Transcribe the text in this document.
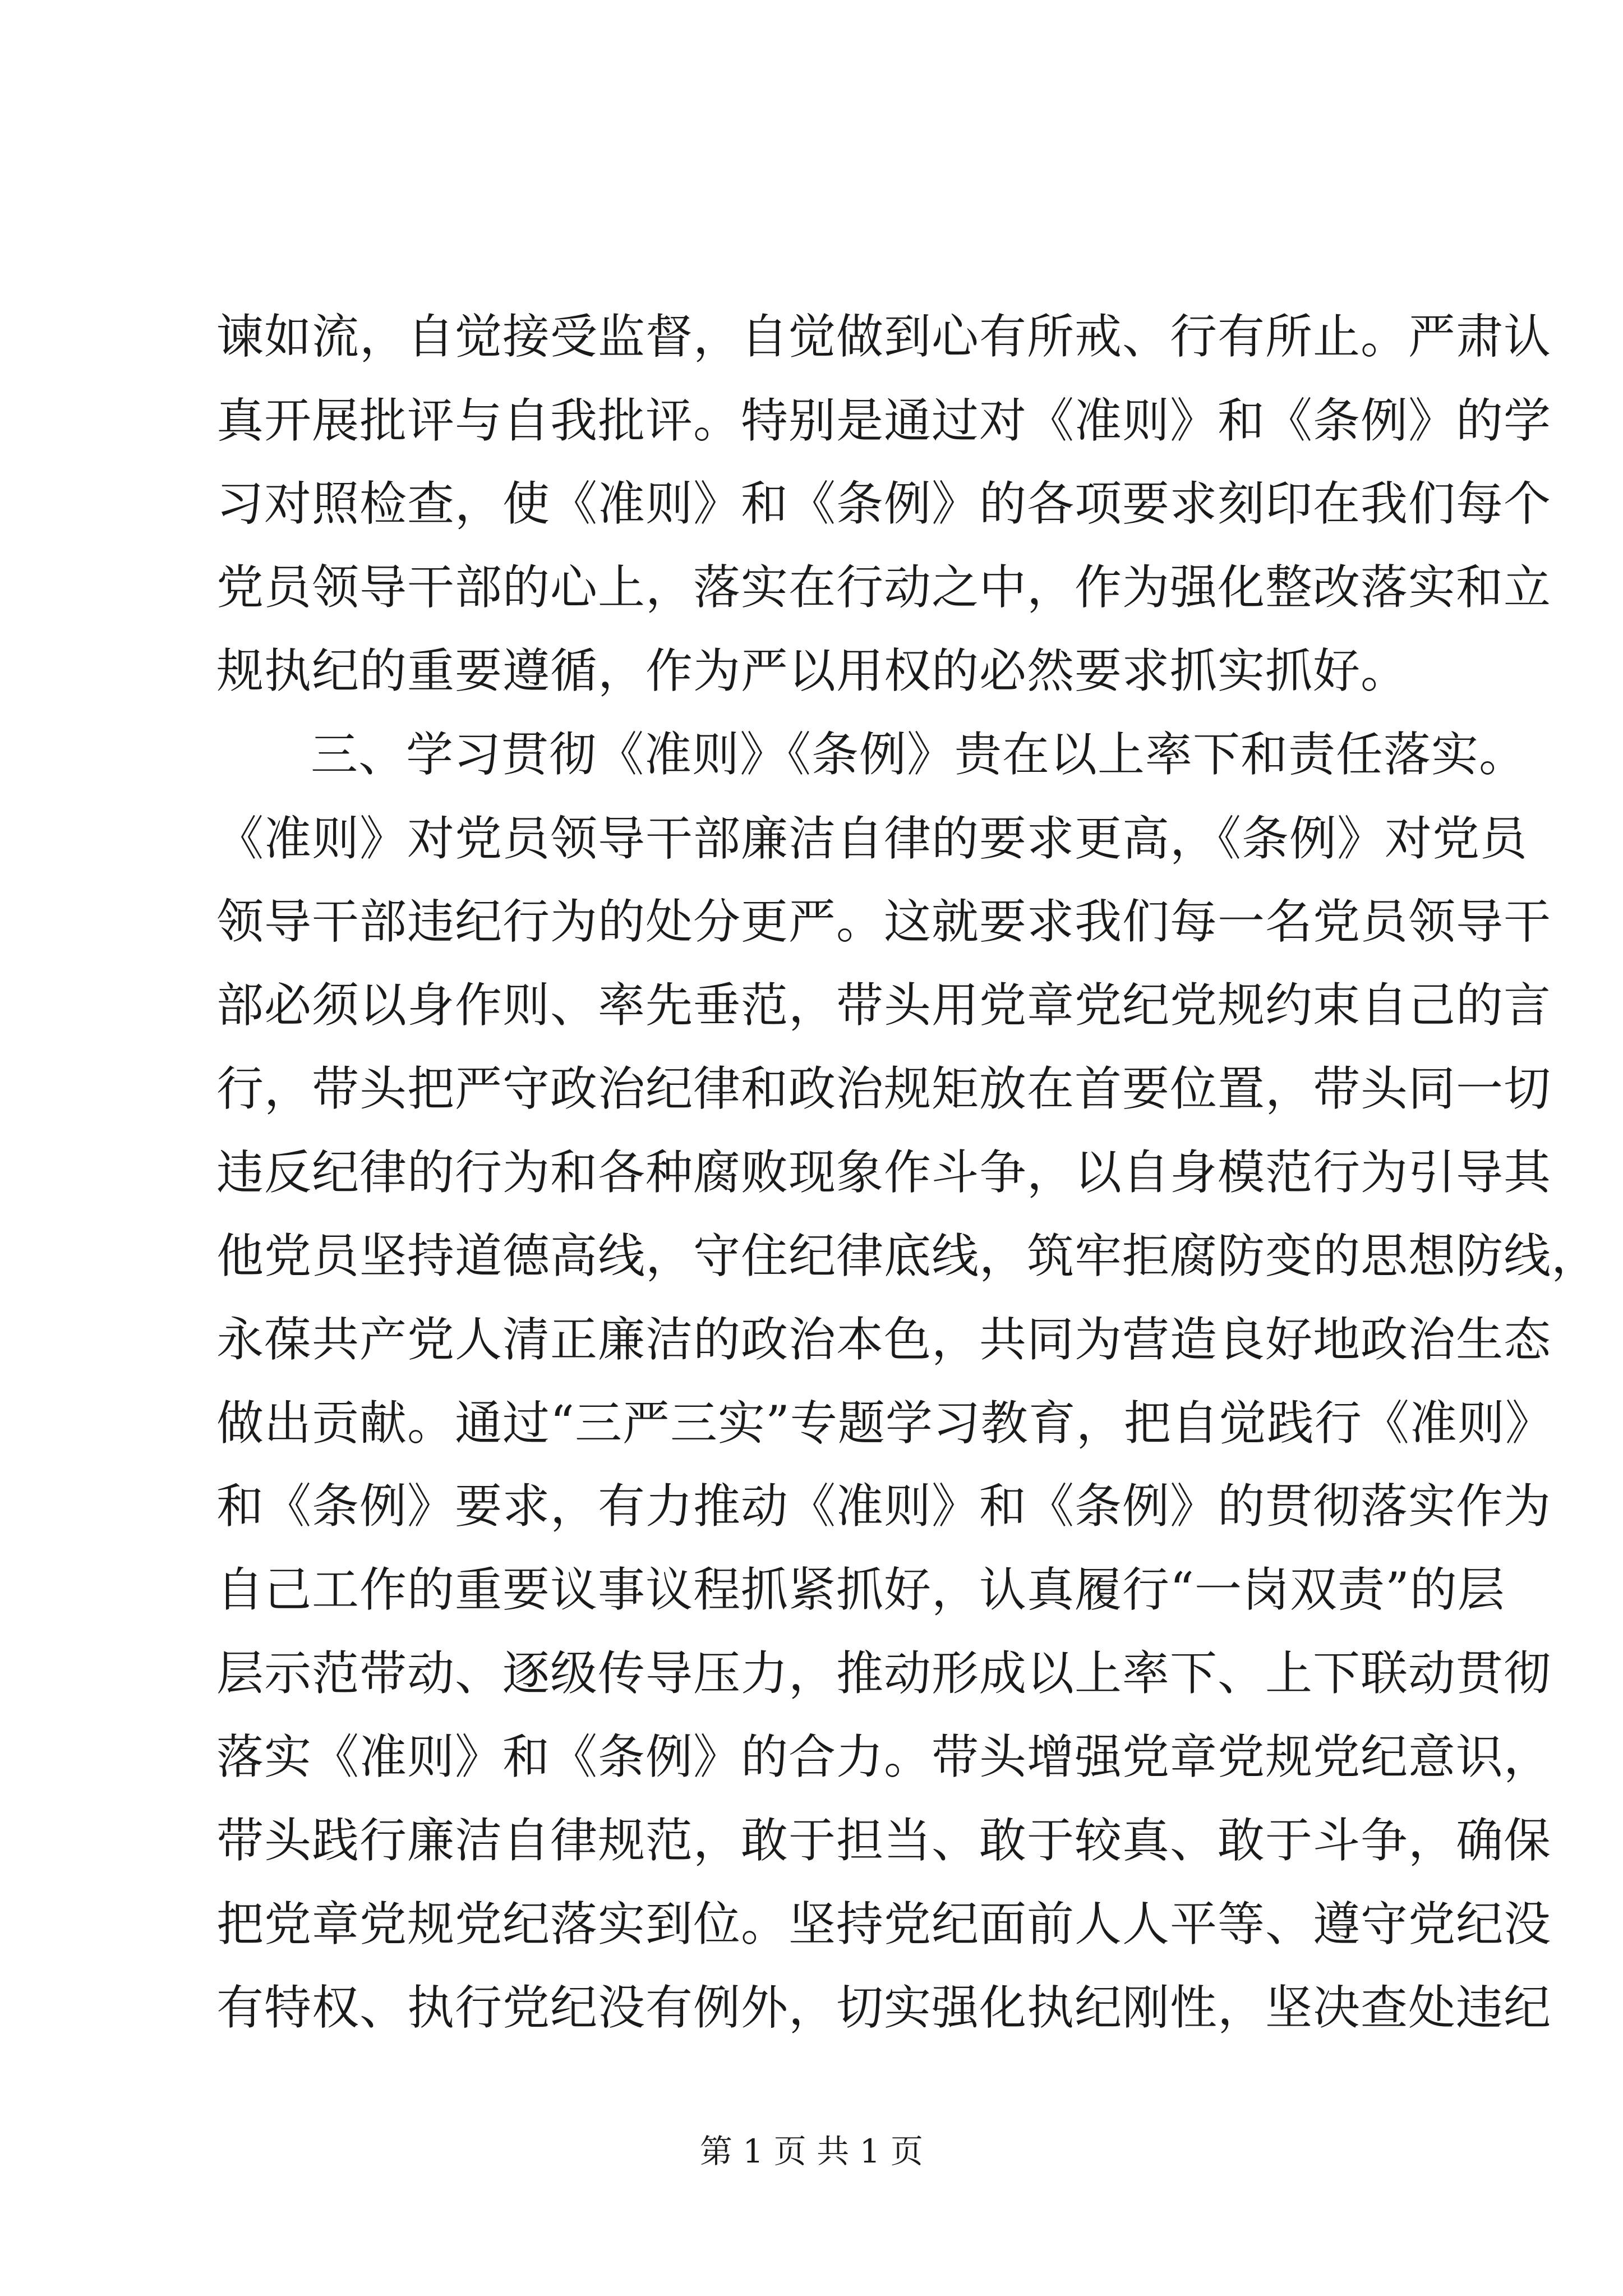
谏如流，自觉接受监督，自觉做到心有所戒、行有所止。严肃认
真开展批评与自我批评。特别是通过对《准则》和《条例》的学
习对照检查，使《准则》和《条例》的各项要求刻印在我们每个
党员领导干部的心上，落实在行动之中，作为强化整改落实和立
规执纪的重要遵循，作为严以用权的必然要求抓实抓好。
三、学习贯彻《准则》《条例》贵在以上率下和责任落实。
《准则》对党员领导干部廉洁自律的要求更高，《条例》对党员
领导干部违纪行为的处分更严。这就要求我们每一名党员领导干
部必须以身作则、率先垂范，带头用党章党纪党规约束自己的言
行，带头把严守政治纪律和政治规矩放在首要位置，带头同一切
违反纪律的行为和各种腐败现象作斗争，以自身模范行为引导其
他党员坚持道德高线，守住纪律底线，筑牢拒腐防变的思想防线，
永葆共产党人清正廉洁的政治本色，共同为营造良好地政治生态
做出贡献。通过“三严三实”专题学习教育，把自觉践行《准则》
和《条例》要求，有力推动《准则》和《条例》的贯彻落实作为
自己工作的重要议事议程抓紧抓好，认真履行“一岗双责”的层
层示范带动、逐级传导压力，推动形成以上率下、上下联动贯彻
落实《准则》和《条例》的合力。带头增强党章党规党纪意识，
带头践行廉洁自律规范，敢于担当、敢于较真、敢于斗争，确保
把党章党规党纪落实到位。坚持党纪面前人人平等、遵守党纪没
有特权、执行党纪没有例外，切实强化执纪刚性，坚决查处违纪
第 1 页 共 1 页
